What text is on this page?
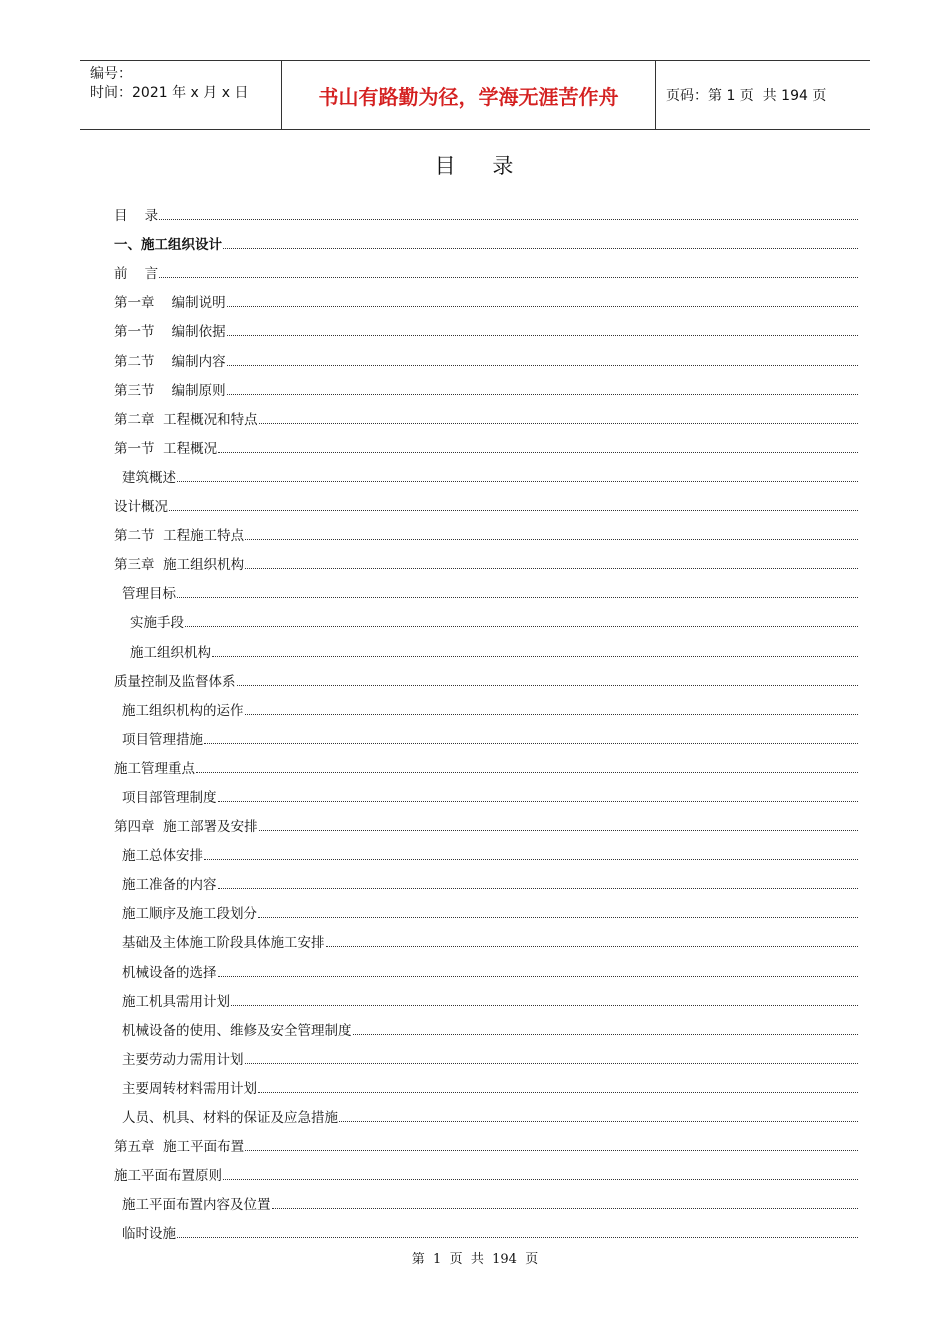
编号：
时间：2021 年 x 月 x 日	书山有路勤为径，学海无涯苦作舟	页码：第 1 页  共 194 页
目    录
目    录
一、施工组织设计
前    言
第一章    编制说明
第一节    编制依据
第二节    编制内容
第三节    编制原则
第二章  工程概况和特点
第一节  工程概况
建筑概述
设计概况
第二节  工程施工特点
第三章  施工组织机构
管理目标
实施手段
施工组织机构
质量控制及监督体系
施工组织机构的运作
项目管理措施
施工管理重点
项目部管理制度
第四章  施工部署及安排
施工总体安排
施工准备的内容
施工顺序及施工段划分
基础及主体施工阶段具体施工安排
机械设备的选择
施工机具需用计划
机械设备的使用、维修及安全管理制度
主要劳动力需用计划
主要周转材料需用计划
人员、机具、材料的保证及应急措施
第五章  施工平面布置
施工平面布置原则
施工平面布置内容及位置
临时设施
第  1  页  共  194  页
